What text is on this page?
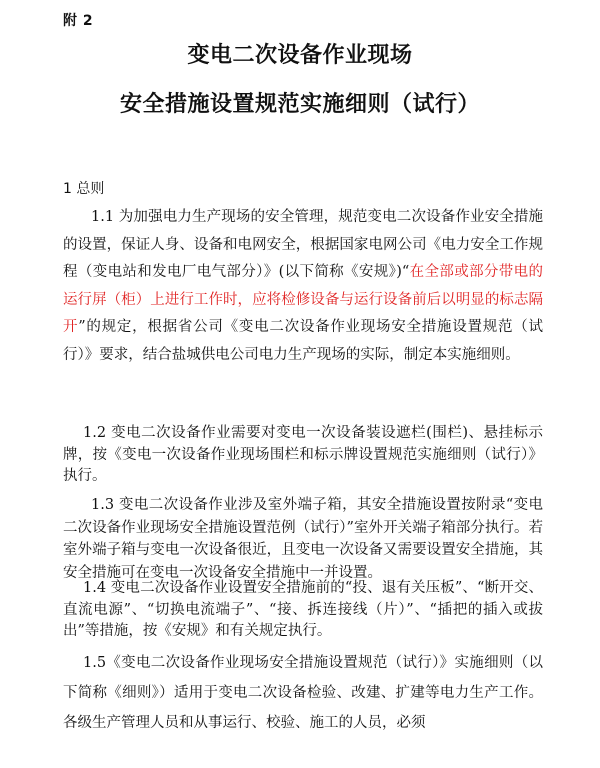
附 2
变电二次设备作业现场
安全措施设置规范实施细则（试行）
1 总则

1.1 为加强电力生产现场的安全管理，规范变电二次设备作业安全措施的设置，保证人身、设备和电网安全，根据国家电网公司《电力安全工作规程（变电站和发电厂电气部分）》(以下简称《安规》)“在全部或部分带电的运行屏（柜）上进行工作时，应将检修设备与运行设备前后以明显的标志隔开”的规定，根据省公司《变电二次设备作业现场安全措施设置规范（试行）》要求，结合盐城供电公司电力生产现场的实际，制定本实施细则。

1.2 变电二次设备作业需要对变电一次设备装设遮栏(围栏)、悬挂标示牌，按《变电一次设备作业现场围栏和标示牌设置规范实施细则（试行）》执行。

1.3 变电二次设备作业涉及室外端子箱，其安全措施设置按附录“变电二次设备作业现场安全措施设置范例（试行）”室外开关端子箱部分执行。若室外端子箱与变电一次设备很近，且变电一次设备又需要设置安全措施，其安全措施可在变电一次设备安全措施中一并设置。

1.4 变电二次设备作业设置安全措施前的“投、退有关压板”、“断开交、直流电源”、“切换电流端子”、“接、拆连接线（片）”、“插把的插入或拔出”等措施，按《安规》和有关规定执行。

1.5《变电二次设备作业现场安全措施设置规范（试行）》实施细则（以下简称《细则》）适用于变电二次设备检验、改建、扩建等电力生产工作。各级生产管理人员和从事运行、校验、施工的人员，必须
